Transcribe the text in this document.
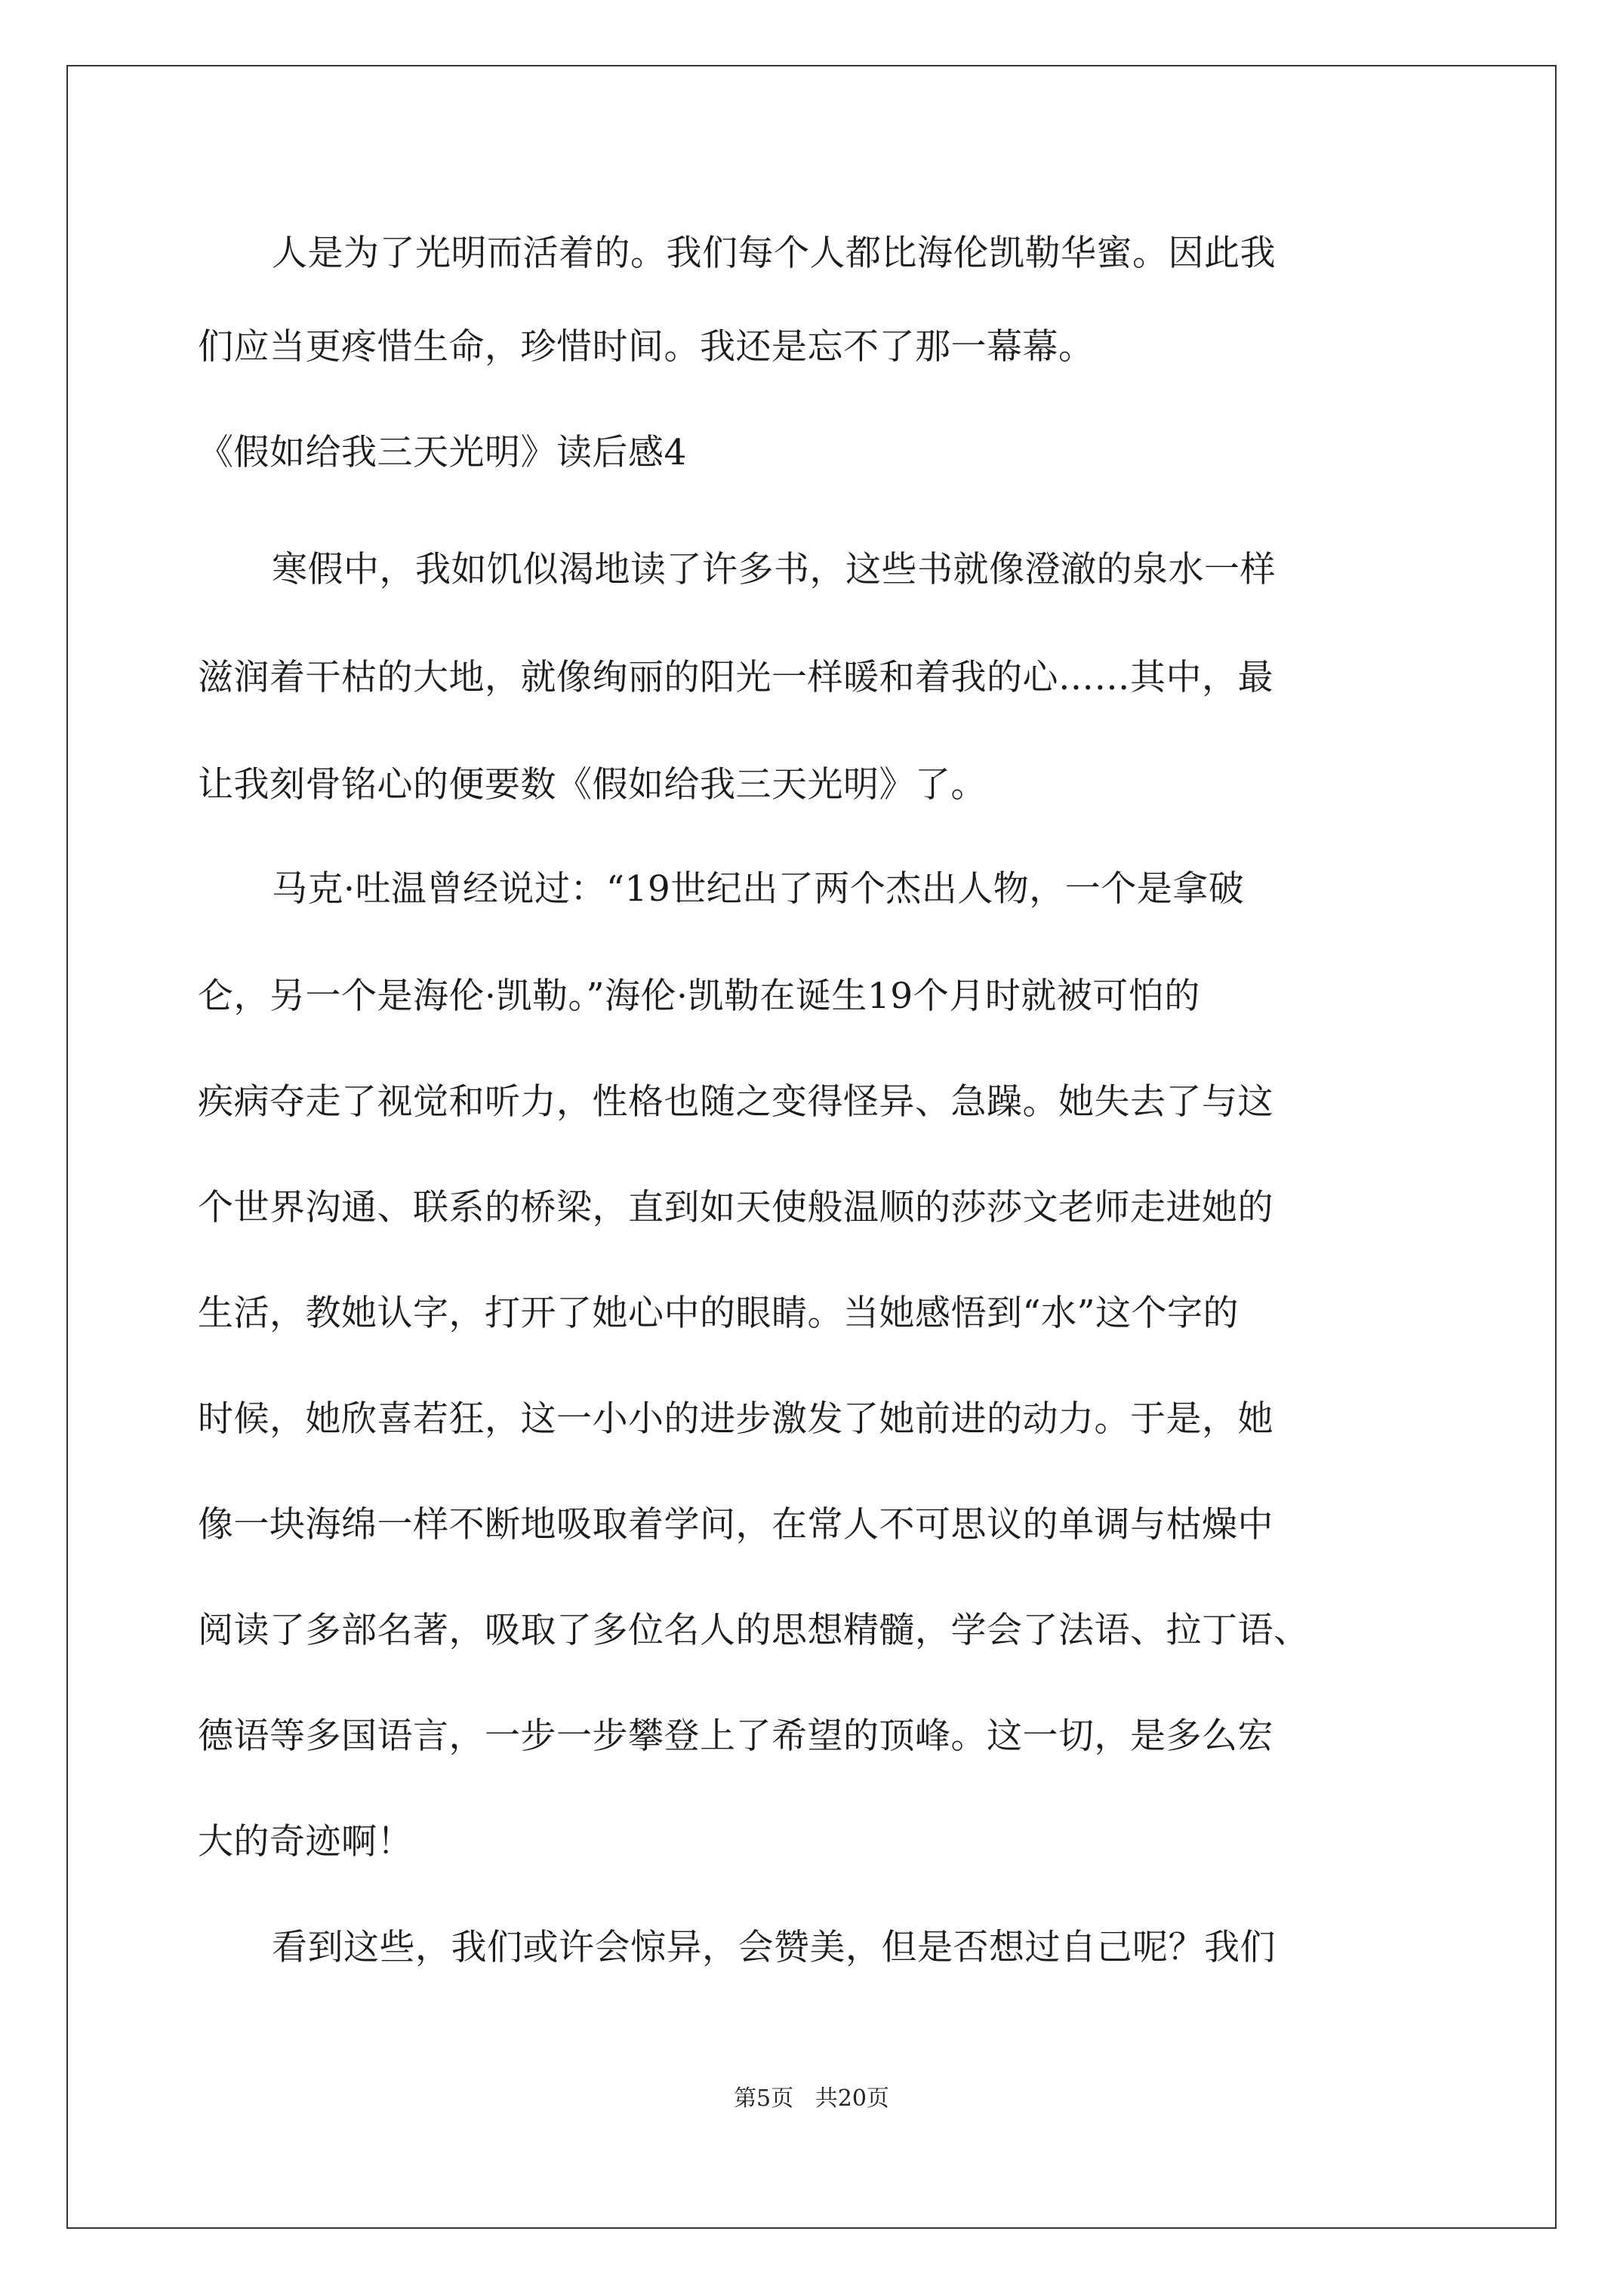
人是为了光明而活着的。我们每个人都比海伦凯勒华蜜。因此我
们应当更疼惜生命，珍惜时间。我还是忘不了那一幕幕。
《假如给我三天光明》读后感4
寒假中，我如饥似渴地读了许多书，这些书就像澄澈的泉水一样
滋润着干枯的大地，就像绚丽的阳光一样暖和着我的心……其中，最
让我刻骨铭心的便要数《假如给我三天光明》了。
马克·吐温曾经说过：“19世纪出了两个杰出人物，一个是拿破
仑，另一个是海伦·凯勒。”海伦·凯勒在诞生19个月时就被可怕的
疾病夺走了视觉和听力，性格也随之变得怪异、急躁。她失去了与这
个世界沟通、联系的桥梁，直到如天使般温顺的莎莎文老师走进她的
生活，教她认字，打开了她心中的眼睛。当她感悟到“水”这个字的
时候，她欣喜若狂，这一小小的进步激发了她前进的动力。于是，她
像一块海绵一样不断地吸取着学问，在常人不可思议的单调与枯燥中
阅读了多部名著，吸取了多位名人的思想精髓，学会了法语、拉丁语、
德语等多国语言，一步一步攀登上了希望的顶峰。这一切，是多么宏
大的奇迹啊！
看到这些，我们或许会惊异，会赞美，但是否想过自己呢？我们
第5页   共20页
